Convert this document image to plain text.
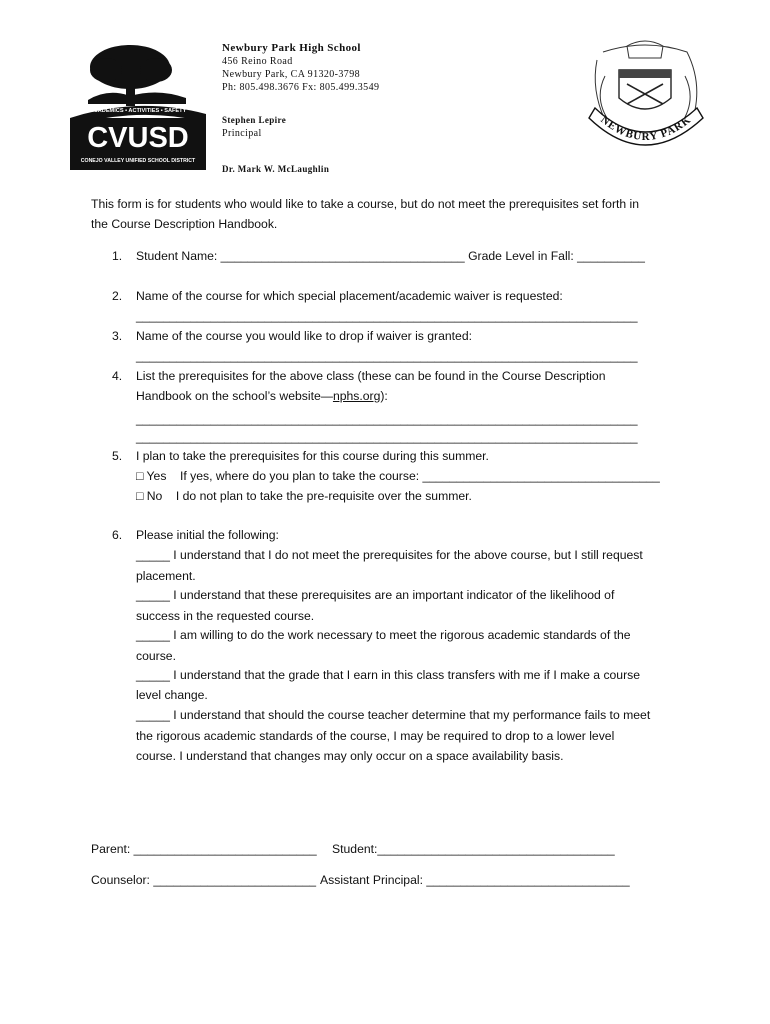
ACADEMICS • ACTIVITIES • SAFETY
CVUSD
CONEJO VALLEY UNIFIED SCHOOL DISTRICT
Newbury Park High School
456 Reino Road
Newbury Park, CA 91320-3798
Ph: 805.498.3676 Fx: 805.499.3549
Stephen Lepire
Principal
Dr. Mark W. McLaughlin
NEWBURY PARK
This form is for students who would like to take a course, but do not meet the prerequisites set forth in
the Course Description Handbook.
1. Student Name: ____________________________________ Grade Level in Fall: __________
2. Name of the course for which special placement/academic waiver is requested:
__________________________________________________________________________
3. Name of the course you would like to drop if waiver is granted:
__________________________________________________________________________
4. List the prerequisites for the above class (these can be found in the Course Description
Handbook on the school’s website—nphs.org):
__________________________________________________________________________
__________________________________________________________________________
5. I plan to take the prerequisites for this course during this summer.
□ Yes    If yes, where do you plan to take the course: ___________________________________
□ No    I do not plan to take the pre-requisite over the summer.
6. Please initial the following:
_____ I understand that I do not meet the prerequisites for the above course, but I still request
placement.
_____ I understand that these prerequisites are an important indicator of the likelihood of
success in the requested course.
_____ I am willing to do the work necessary to meet the rigorous academic standards of the
course.
_____ I understand that the grade that I earn in this class transfers with me if I make a course
level change.
_____ I understand that should the course teacher determine that my performance fails to meet
the rigorous academic standards of the course, I may be required to drop to a lower level
course. I understand that changes may only occur on a space availability basis.
Parent: ___________________________ Student:___________________________________
Counselor: ________________________ Assistant Principal: ______________________________
